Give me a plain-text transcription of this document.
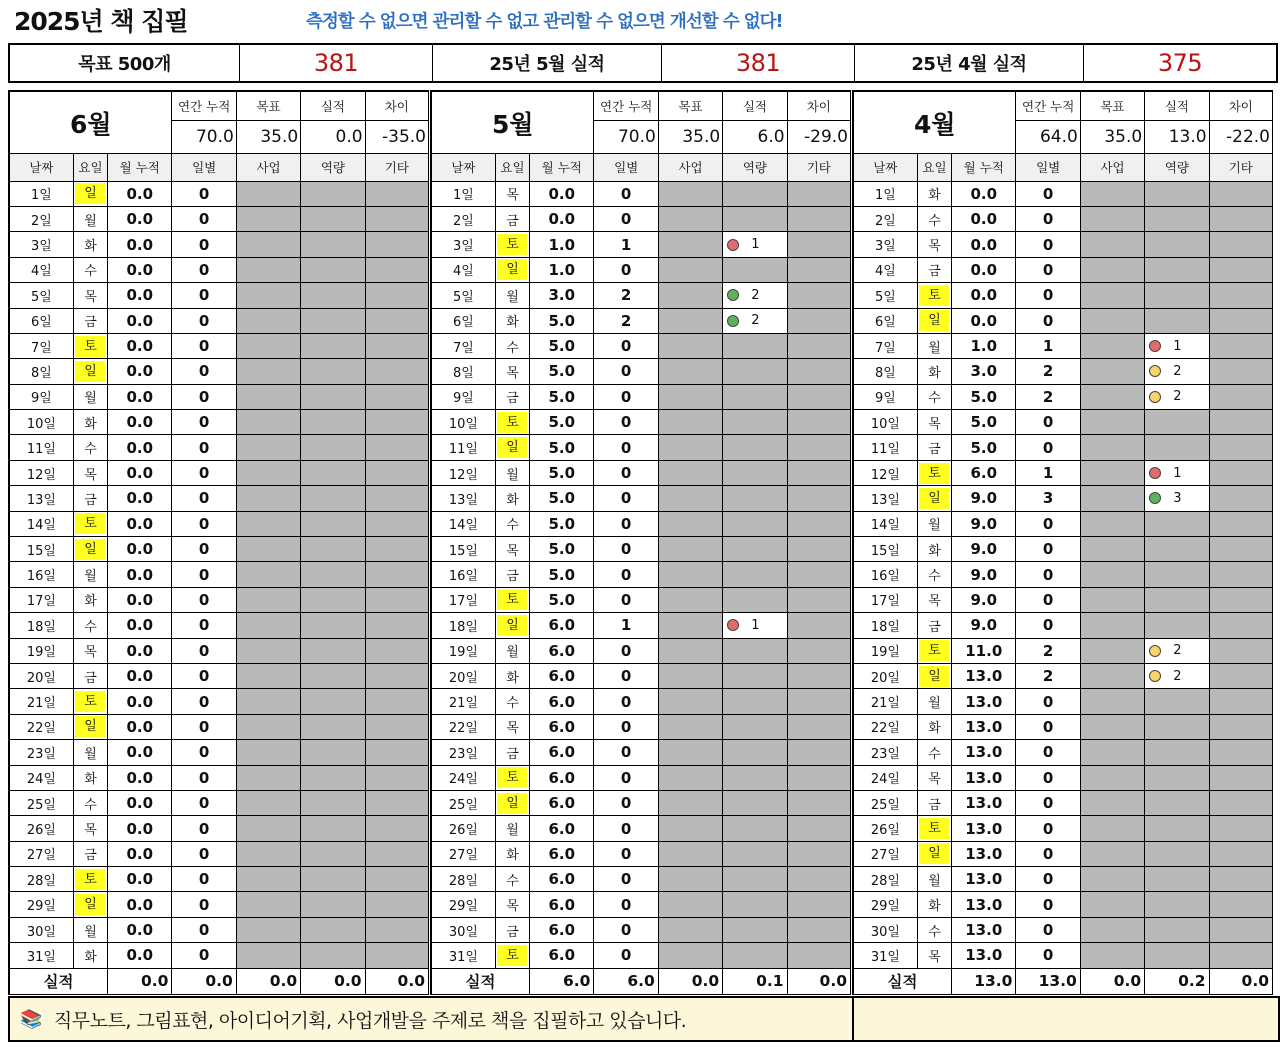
2025년 책 집필	측정할 수 없으면 관리할 수 없고 관리할 수 없으면 개선할 수 없다!
목표 500개	381	25년 5월 실적	381	25년 4월 실적	375
6월			연간 누적	목표	실적	차이
			70.0	35.0	0.0	-35.0
날짜	요일	월 누적	일별	사업	역량	기타
1일	일	0.0	0			
2일	월	0.0	0			
3일	화	0.0	0			
4일	수	0.0	0			
5일	목	0.0	0			
6일	금	0.0	0			
7일	토	0.0	0			
8일	일	0.0	0			
9일	월	0.0	0			
10일	화	0.0	0			
11일	수	0.0	0			
12일	목	0.0	0			
13일	금	0.0	0			
14일	토	0.0	0			
15일	일	0.0	0			
16일	월	0.0	0			
17일	화	0.0	0			
18일	수	0.0	0			
19일	목	0.0	0			
20일	금	0.0	0			
21일	토	0.0	0			
22일	일	0.0	0			
23일	월	0.0	0			
24일	화	0.0	0			
25일	수	0.0	0			
26일	목	0.0	0			
27일	금	0.0	0			
28일	토	0.0	0			
29일	일	0.0	0			
30일	월	0.0	0			
31일	화	0.0	0			
실적		0.0	0.0	0.0	0.0	0.0
5월			연간 누적	목표	실적	차이
			70.0	35.0	6.0	-29.0
날짜	요일	월 누적	일별	사업	역량	기타
1일	목	0.0	0			
2일	금	0.0	0			
3일	토	1.0	1		1	

4일	일	1.0	0			
5일	월	3.0	2		2	

6일	화	5.0	2		2	

7일	수	5.0	0			
8일	목	5.0	0			
9일	금	5.0	0			
10일	토	5.0	0			
11일	일	5.0	0			
12일	월	5.0	0			
13일	화	5.0	0			
14일	수	5.0	0			
15일	목	5.0	0			
16일	금	5.0	0			
17일	토	5.0	0			
18일	일	6.0	1		1	

19일	월	6.0	0			
20일	화	6.0	0			
21일	수	6.0	0			
22일	목	6.0	0			
23일	금	6.0	0			
24일	토	6.0	0			
25일	일	6.0	0			
26일	월	6.0	0			
27일	화	6.0	0			
28일	수	6.0	0			
29일	목	6.0	0			
30일	금	6.0	0			
31일	토	6.0	0			
실적		6.0	6.0	0.0	0.1	0.0
4월			연간 누적	목표	실적	차이
			64.0	35.0	13.0	-22.0
날짜	요일	월 누적	일별	사업	역량	기타
1일	화	0.0	0			
2일	수	0.0	0			
3일	목	0.0	0			
4일	금	0.0	0			
5일	토	0.0	0			
6일	일	0.0	0			
7일	월	1.0	1		1	

8일	화	3.0	2		2	

9일	수	5.0	2		2	

10일	목	5.0	0			
11일	금	5.0	0			
12일	토	6.0	1		1	

13일	일	9.0	3		3	

14일	월	9.0	0			
15일	화	9.0	0			
16일	수	9.0	0			
17일	목	9.0	0			
18일	금	9.0	0			
19일	토	11.0	2		2	

20일	일	13.0	2		2	

21일	월	13.0	0			
22일	화	13.0	0			
23일	수	13.0	0			
24일	목	13.0	0			
25일	금	13.0	0			
26일	토	13.0	0			
27일	일	13.0	0			
28일	월	13.0	0			
29일	화	13.0	0			
30일	수	13.0	0			
31일	목	13.0	0			
실적		13.0	13.0	0.0	0.2	0.0
📚 직무노트, 그림표현, 아이디어기획, 사업개발을 주제로 책을 집필하고 있습니다.
